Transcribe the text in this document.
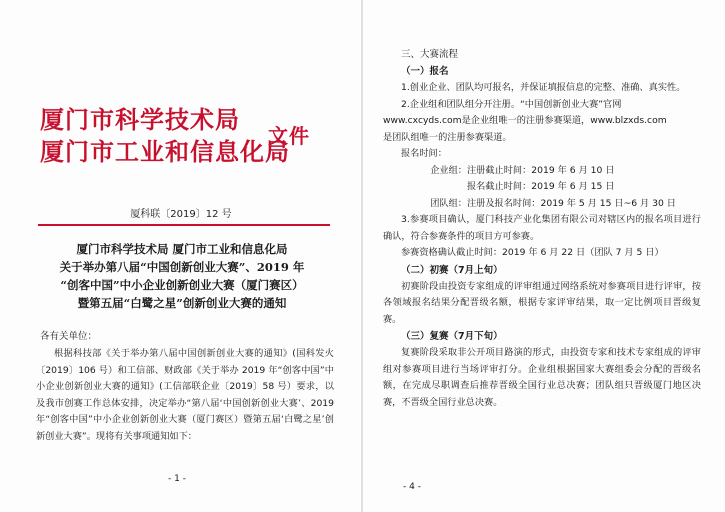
厦门市科学技术局
厦门市工业和信息化局
文件
厦科联〔2019〕12 号
厦门市科学技术局 厦门市工业和信息化局
关于举办第八届“中国创新创业大赛”、2019 年
“创客中国”中小企业创新创业大赛（厦门赛区）
暨第五届“白鹭之星”创新创业大赛的通知
各有关单位：
根据科技部《关于举办第八届中国创新创业大赛的通知》(国科发火〔2019〕106 号）和工信部、财政部《关于举办 2019 年“创客中国”中小企业创新创业大赛的通知》(工信部联企业〔2019〕58 号）要求，以及我市创赛工作总体安排，决定举办“第八届‘中国创新创业大赛’、2019 年“创客中国”中小企业创新创业大赛（厦门赛区）暨第五届‘白鹭之星’创新创业大赛”。现将有关事项通知如下：
- 1 -
三、大赛流程
（一）报名
1.创业企业、团队均可报名，并保证填报信息的完整、准确、真实性。
2.企业组和团队组分开注册。“中国创新创业大赛”官网
www.cxcyds.com是企业组唯一的注册参赛渠道，www.blzxds.com
是团队组唯一的注册参赛渠道。
报名时间：
企业组： 注册截止时间：2019 年 6 月 10 日
报名截止时间：2019 年 6 月 15 日
团队组： 注册及报名时间：2019 年 5 月 15 日~6 月 30 日
3.参赛项目确认，厦门科技产业化集团有限公司对辖区内的报名项目进行确认，符合参赛条件的项目方可参赛。
参赛资格确认截止时间：2019 年 6 月 22 日（团队 7 月 5 日）
（二）初赛（7月上旬）
初赛阶段由投资专家组成的评审组通过网络系统对参赛项目进行评审，按各领域报名结果分配晋级名额，根据专家评审结果，取一定比例项目晋级复赛。
（三）复赛（7月下旬）
复赛阶段采取非公开项目路演的形式，由投资专家和技术专家组成的评审组对参赛项目进行当场评审打分。企业组根据国家大赛组委会分配的晋级名额，在完成尽职调查后推荐晋级全国行业总决赛；团队组只晋级厦门地区决赛，不晋级全国行业总决赛。
- 4 -
